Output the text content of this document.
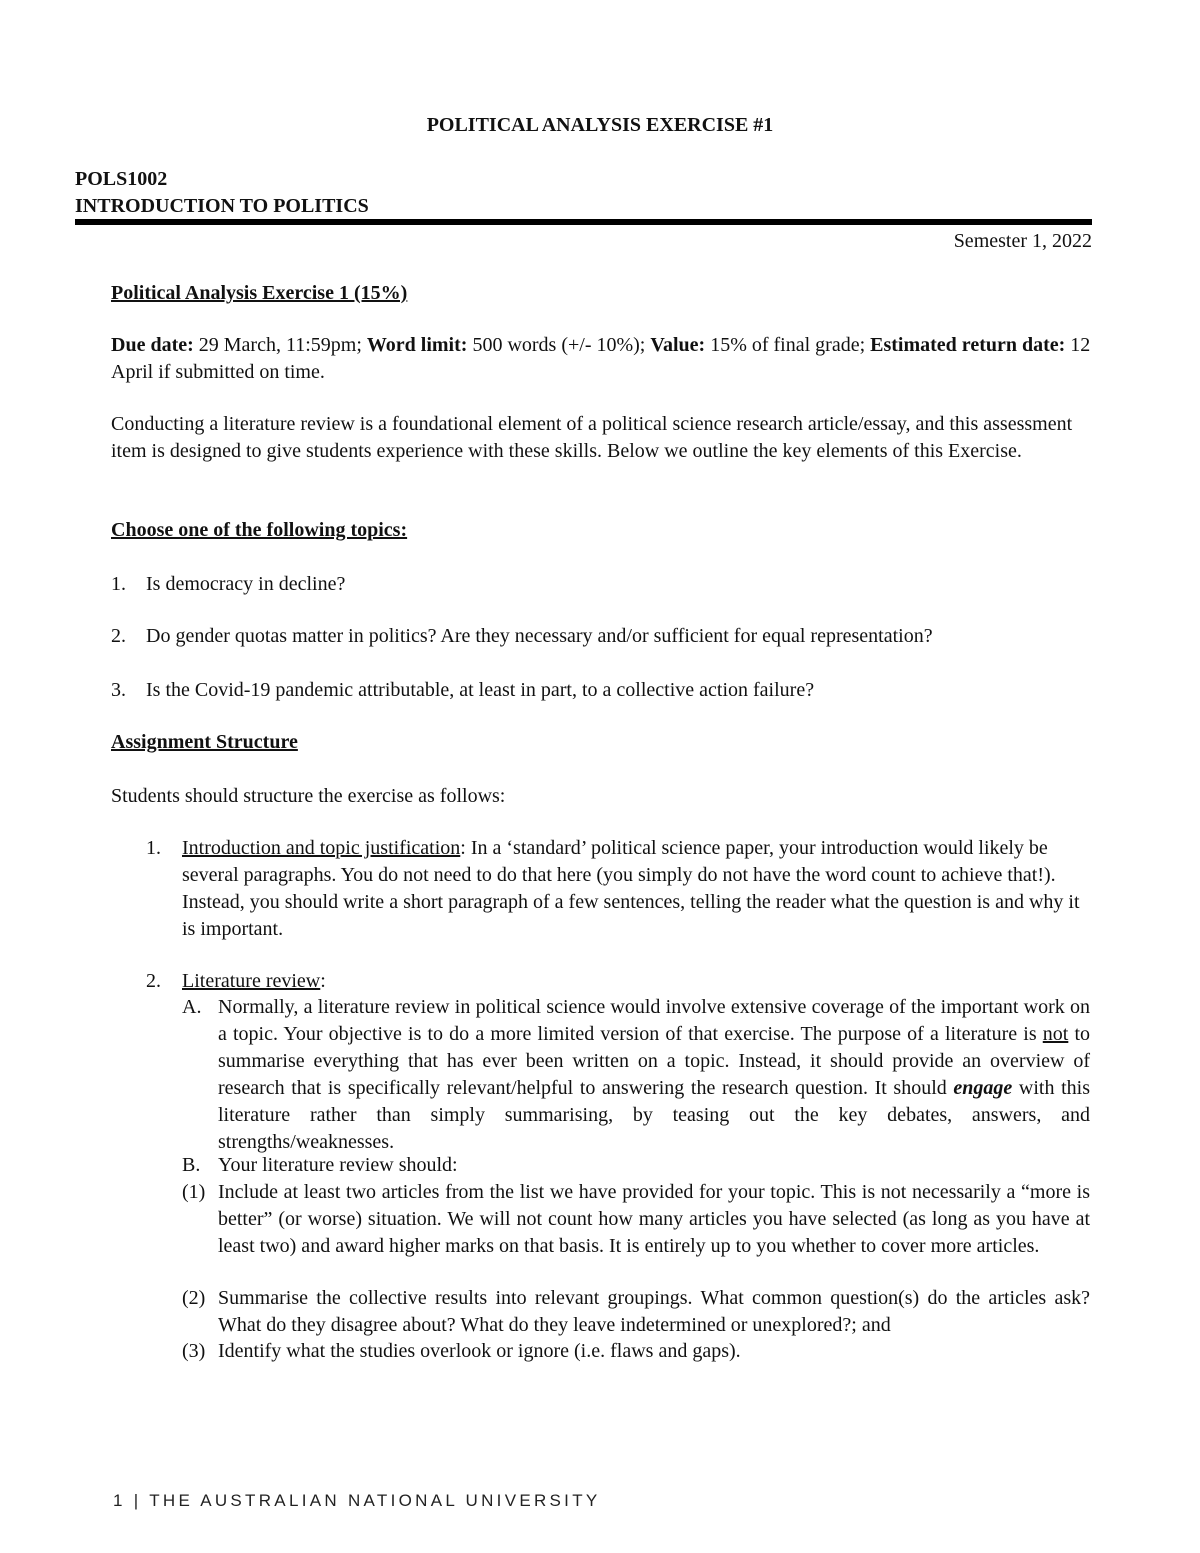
POLITICAL ANALYSIS EXERCISE #1
POLS1002
INTRODUCTION TO POLITICS
Semester 1, 2022
Political Analysis Exercise 1 (15%)
Due date: 29 March, 11:59pm; Word limit: 500 words (+/- 10%); Value: 15% of final grade; Estimated return date: 12 April if submitted on time.
Conducting a literature review is a foundational element of a political science research article/essay, and this assessment item is designed to give students experience with these skills. Below we outline the key elements of this Exercise.
Choose one of the following topics:
1.	Is democracy in decline?
2.	Do gender quotas matter in politics? Are they necessary and/or sufficient for equal representation?
3.	Is the Covid-19 pandemic attributable, at least in part, to a collective action failure?
Assignment Structure
Students should structure the exercise as follows:
1. Introduction and topic justification: In a ‘standard’ political science paper, your introduction would likely be several paragraphs. You do not need to do that here (you simply do not have the word count to achieve that!). Instead, you should write a short paragraph of a few sentences, telling the reader what the question is and why it is important.
2. Literature review:
A. Normally, a literature review in political science would involve extensive coverage of the important work on a topic. Your objective is to do a more limited version of that exercise. The purpose of a literature is not to summarise everything that has ever been written on a topic. Instead, it should provide an overview of research that is specifically relevant/helpful to answering the research question. It should engage with this literature rather than simply summarising, by teasing out the key debates, answers, and strengths/weaknesses.
B. Your literature review should:
(1) Include at least two articles from the list we have provided for your topic. This is not necessarily a “more is better” (or worse) situation. We will not count how many articles you have selected (as long as you have at least two) and award higher marks on that basis. It is entirely up to you whether to cover more articles.
(2) Summarise the collective results into relevant groupings. What common question(s) do the articles ask? What do they disagree about? What do they leave indetermined or unexplored?; and
(3) Identify what the studies overlook or ignore (i.e. flaws and gaps).
1 | THE AUSTRALIAN NATIONAL UNIVERSITY
